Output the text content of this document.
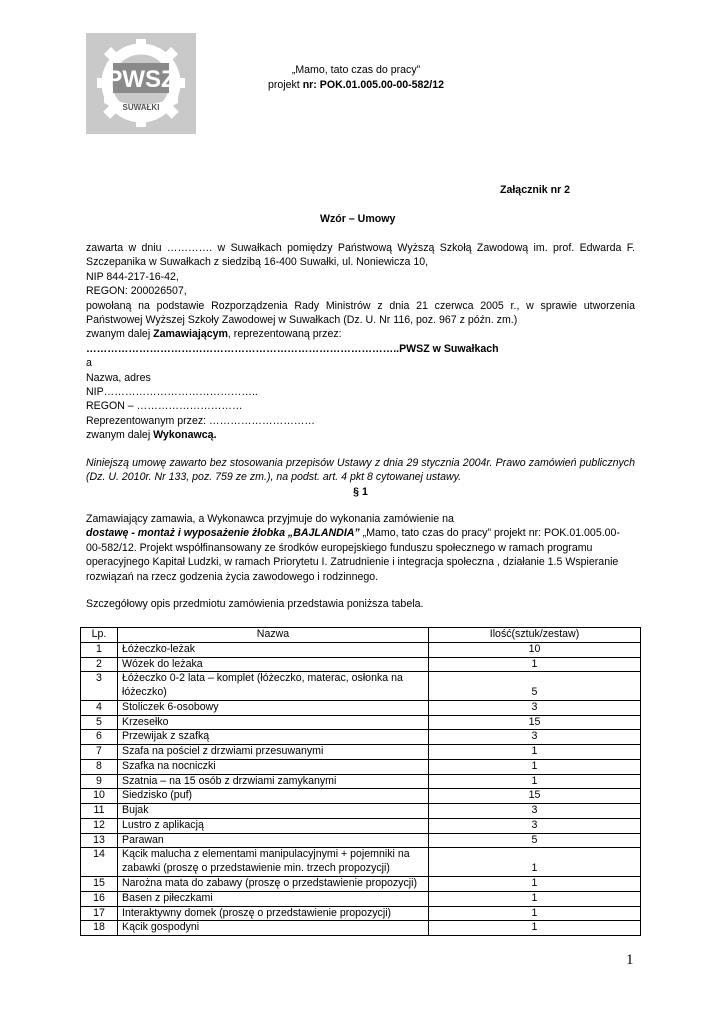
PWSZ
SUWAŁKI
„Mamo, tato czas do pracy”
projekt nr: POK.01.005.00-00-582/12
Załącznik nr 2
Wzór – Umowy

zawarta w dniu …………. w Suwałkach pomiędzy Państwową Wyższą Szkołą Zawodową im. prof. Edwarda F. Szczepanika w Suwałkach z siedzibą 16-400 Suwałki, ul. Noniewicza 10,

NIP 844-217-16-42,

REGON: 200026507,

powołaną na podstawie Rozporządzenia Rady Ministrów z dnia 21 czerwca 2005 r., w sprawie utworzenia Państwowej Wyższej Szkoły Zawodowej w Suwałkach (Dz. U. Nr 116, poz. 967 z późn. zm.)

zwanym dalej Zamawiającym, reprezentowaną przez:

……………………………………………………………………………..PWSZ w Suwałkach

a

Nazwa, adres

NIP……………………………………..

REGON – …………………………

Reprezentowanym przez: …………………………

zwanym dalej Wykonawcą.

Niniejszą umowę zawarto bez stosowania przepisów Ustawy z dnia 29 stycznia 2004r. Prawo zamówień publicznych (Dz. U. 2010r. Nr 133, poz. 759 ze zm.), na podst. art. 4 pkt 8 cytowanej ustawy.

§ 1

Zamawiający zamawia, a Wykonawca przyjmuje do wykonania zamówienie na

dostawę - montaż i wyposażenie żłobka „BAJLANDIA” „Mamo, tato czas do pracy” projekt nr: POK.01.005.00-00-582/12. Projekt współfinansowany ze środków europejskiego funduszu społecznego w ramach programu operacyjnego Kapitał Ludzki, w ramach Priorytetu I. Zatrudnienie i integracja społeczna , działanie 1.5 Wspieranie rozwiązań na rzecz godzenia życia zawodowego i rodzinnego.

Szczegółowy opis przedmiotu zamówienia przedstawia poniższa tabela.

Lp.	Nazwa	Ilość(sztuk/zestaw)
1	Łóżeczko-leżak	10
2	Wózek do leżaka	1
3	Łóżeczko 0-2 lata – komplet (łóżeczko, materac, osłonka na łóżeczko)	5
4	Stoliczek 6-osobowy	3
5	Krzesełko	15
6	Przewijak z szafką	3
7	Szafa na pościel z drzwiami przesuwanymi	1
8	Szafka na nocniczki	1
9	Szatnia – na 15 osób z drzwiami zamykanymi	1
10	Siedzisko (puf)	15
11	Bujak	3
12	Lustro z aplikacją	3
13	Parawan	5
14	Kącik malucha z elementami manipulacyjnymi + pojemniki na zabawki (proszę o przedstawienie min. trzech propozycji)	1
15	Narożna mata do zabawy (proszę o przedstawienie propozycji)	1
16	Basen z piłeczkami	1
17	Interaktywny domek (proszę o przedstawienie propozycji)	1
18	Kącik gospodyni	1
1
